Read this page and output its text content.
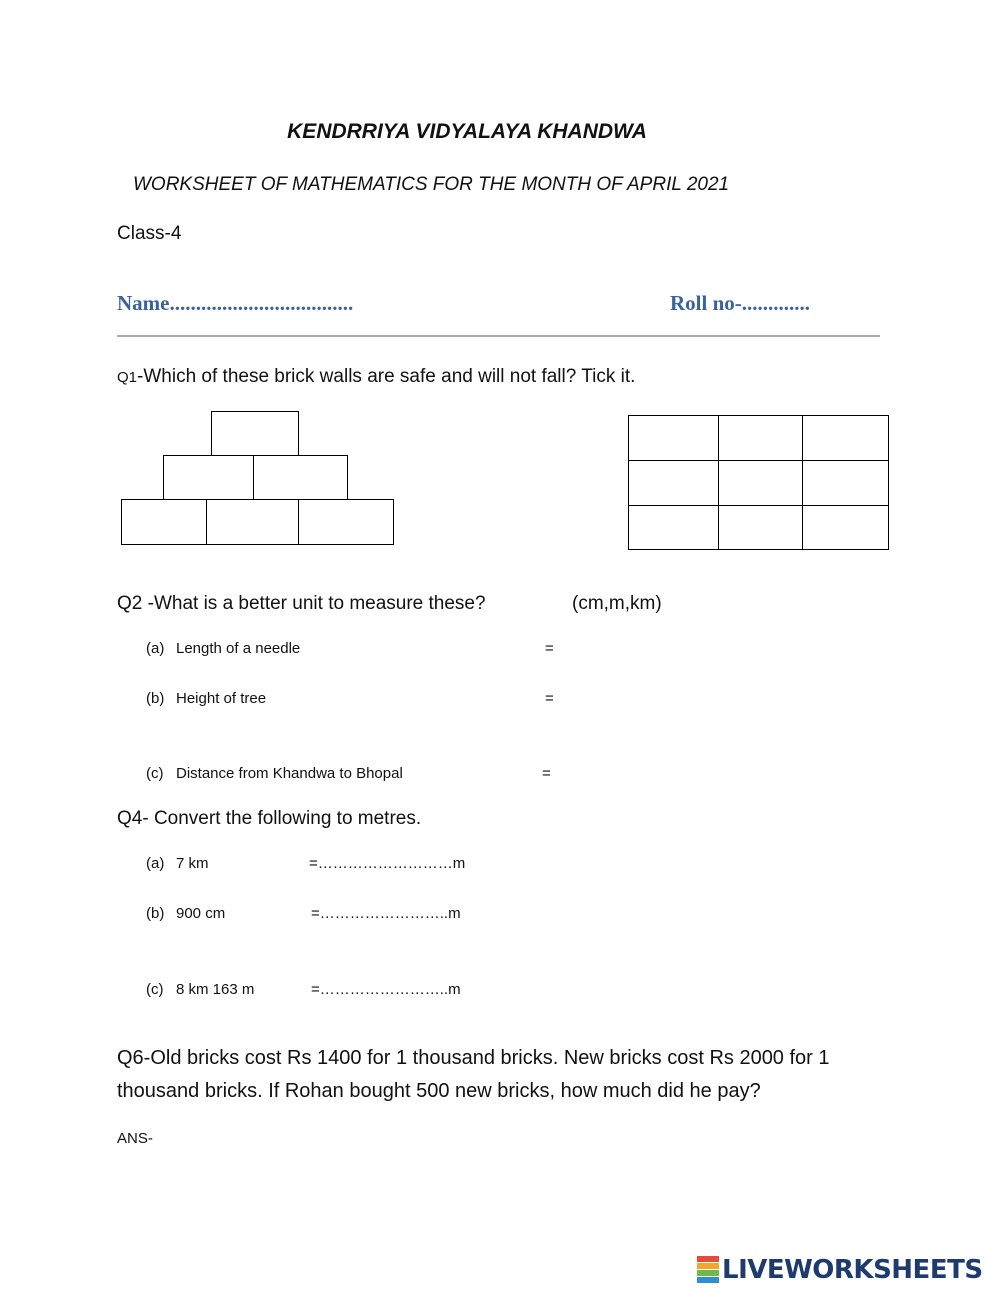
KENDRRIYA VIDYALAYA KHANDWA
WORKSHEET OF MATHEMATICS FOR THE MONTH OF APRIL 2021
Class-4
Name...................................	Roll no-.............
Q1-Which of these brick walls are safe and will not fall? Tick it.
Q2 -What is a better unit to measure these?	(cm,m,km)
(a) Length of a needle	=
(b) Height of tree	=
(c) Distance from Khandwa to Bhopal	=
Q4- Convert the following to metres.
(a) 7 km	=………………………m
(b) 900 cm	=……………………..m
(c) 8 km 163 m	=……………………..m
Q6-Old bricks cost Rs 1400 for 1 thousand bricks. New bricks cost Rs 2000 for 1
thousand bricks. If Rohan bought 500 new bricks, how much did he pay?
ANS-
LIVEWORKSHEETS
